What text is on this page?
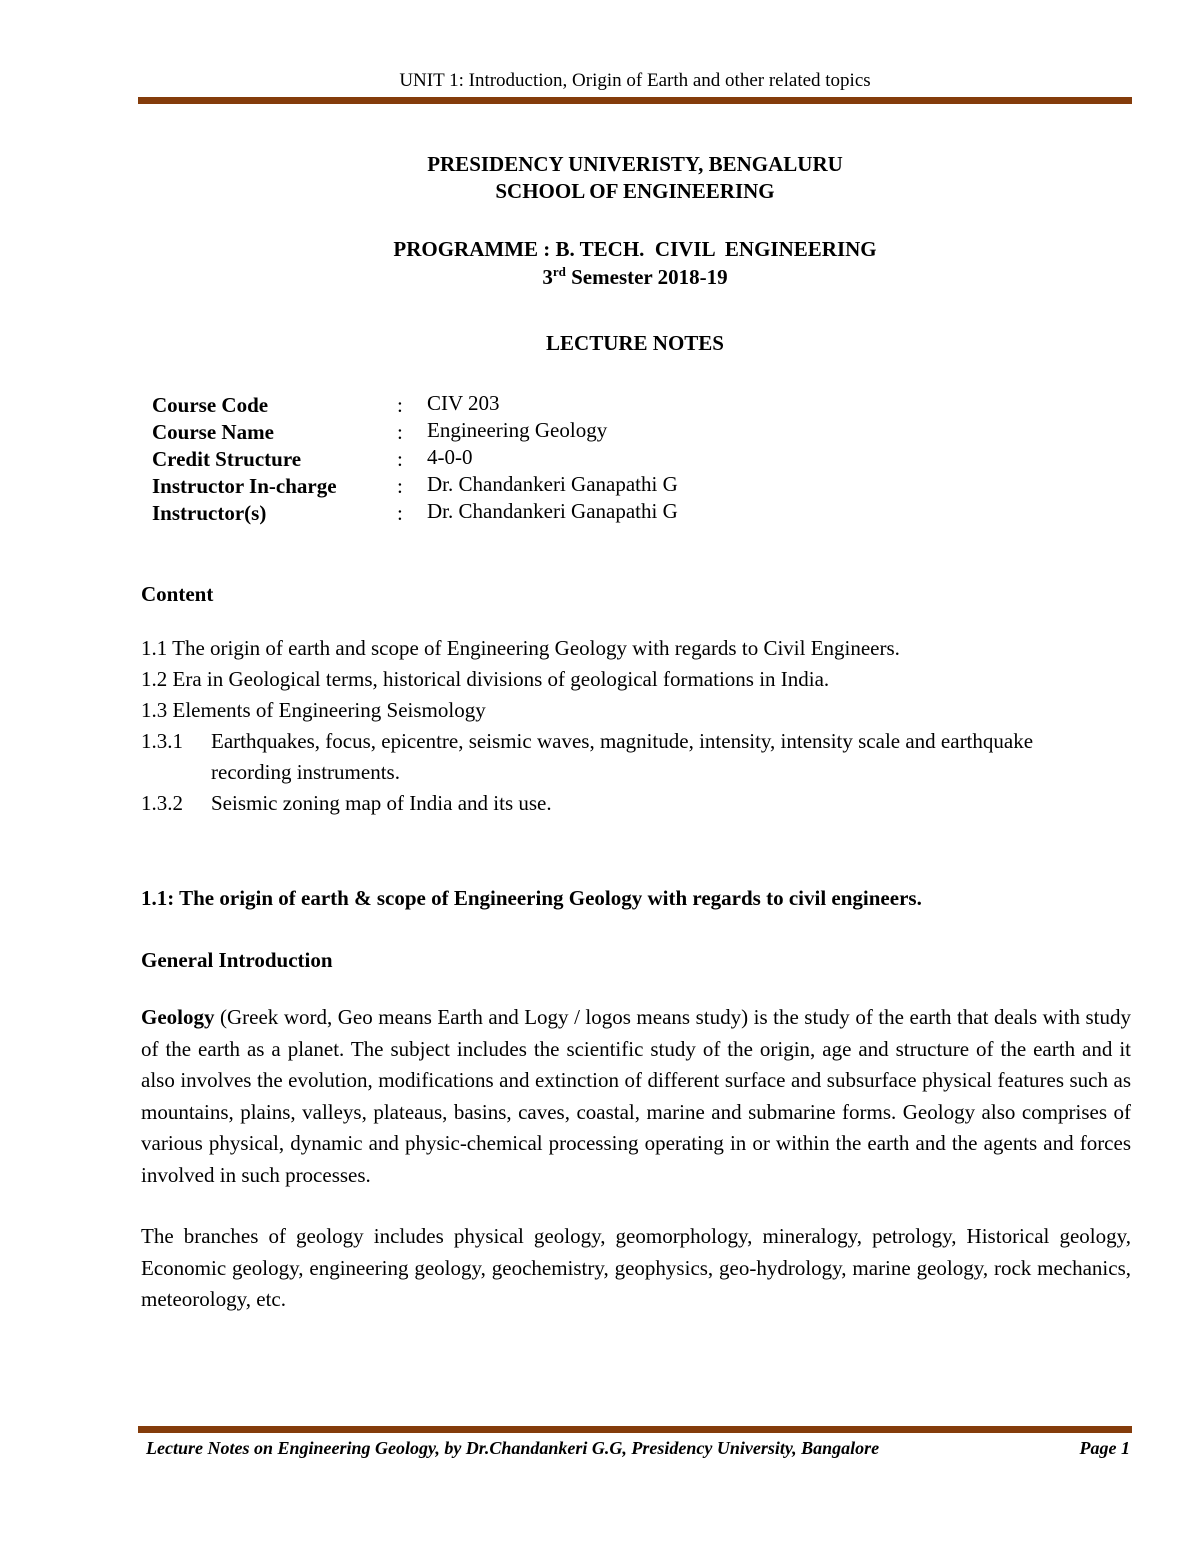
UNIT 1: Introduction, Origin of Earth and other related topics
PRESIDENCY UNIVERISTY, BENGALURU
SCHOOL OF ENGINEERING
PROGRAMME : B. TECH.  CIVIL  ENGINEERING
3rd Semester 2018-19
LECTURE NOTES
Course Code	: CIV 203
Course Name	: Engineering Geology
Credit Structure	: 4-0-0
Instructor In-charge	: Dr. Chandankeri Ganapathi G
Instructor(s)	: Dr. Chandankeri Ganapathi G
Content
1.1 The origin of earth and scope of Engineering Geology with regards to Civil Engineers.
1.2 Era in Geological terms, historical divisions of geological formations in India.
1.3 Elements of Engineering Seismology
1.3.1 Earthquakes, focus, epicentre, seismic waves, magnitude, intensity, intensity scale and earthquake
recording instruments.
1.3.2 Seismic zoning map of India and its use.
1.1: The origin of earth & scope of Engineering Geology with regards to civil engineers.
General Introduction
Geology (Greek word, Geo means Earth and Logy / logos means study) is the study of the earth that deals with study of the earth as a planet. The subject includes the scientific study of the origin, age and structure of the earth and it also involves the evolution, modifications and extinction of different surface and subsurface physical features such as mountains, plains, valleys, plateaus, basins, caves, coastal, marine and submarine forms. Geology also comprises of various physical, dynamic and physic-chemical processing operating in or within the earth and the agents and forces involved in such processes.
The branches of geology includes physical geology, geomorphology, mineralogy, petrology, Historical geology, Economic geology, engineering geology, geochemistry, geophysics, geo-hydrology, marine geology, rock mechanics, meteorology, etc.
Lecture Notes on Engineering Geology, by Dr.Chandankeri G.G, Presidency University, Bangalore	Page 1
